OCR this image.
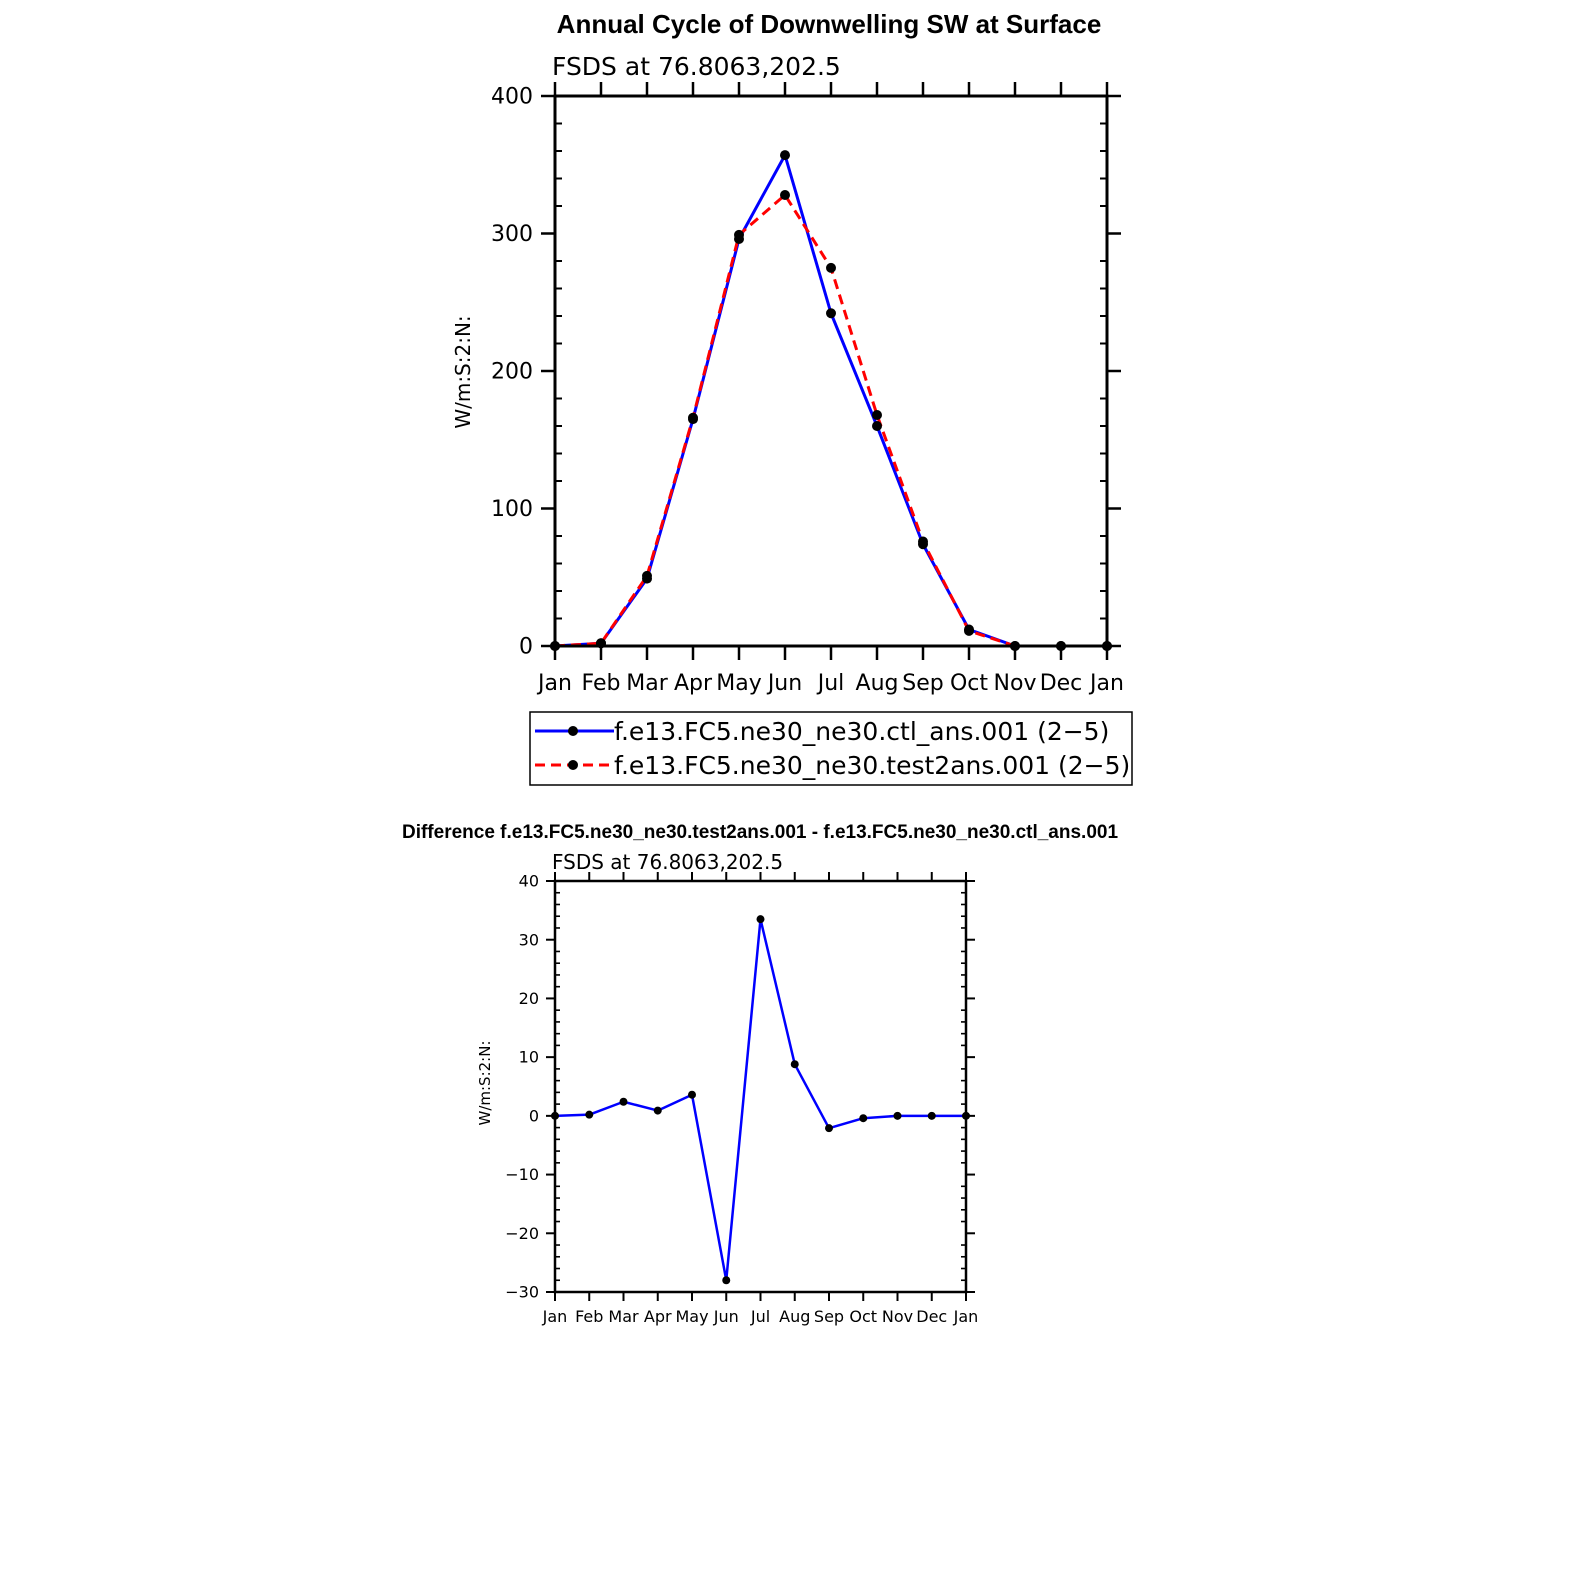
Annual Cycle of Downwelling SW at Surface
FSDS at 76.8063,202.5
W/m:S:2:N:
Jan Feb Mar Apr May Jun Jul Aug Sep Oct Nov Dec Jan
0
100
200
300
400
f.e13.FC5.ne30_ne30.ctl_ans.001 (2−5)
f.e13.FC5.ne30_ne30.test2ans.001 (2−5)
Difference f.e13.FC5.ne30_ne30.test2ans.001 - f.e13.FC5.ne30_ne30.ctl_ans.001
FSDS at 76.8063,202.5
W/m:S:2:N:
Jan Feb Mar Apr May Jun Jul Aug Sep Oct Nov Dec Jan
−30
−20
−10
0
10
20
30
40
